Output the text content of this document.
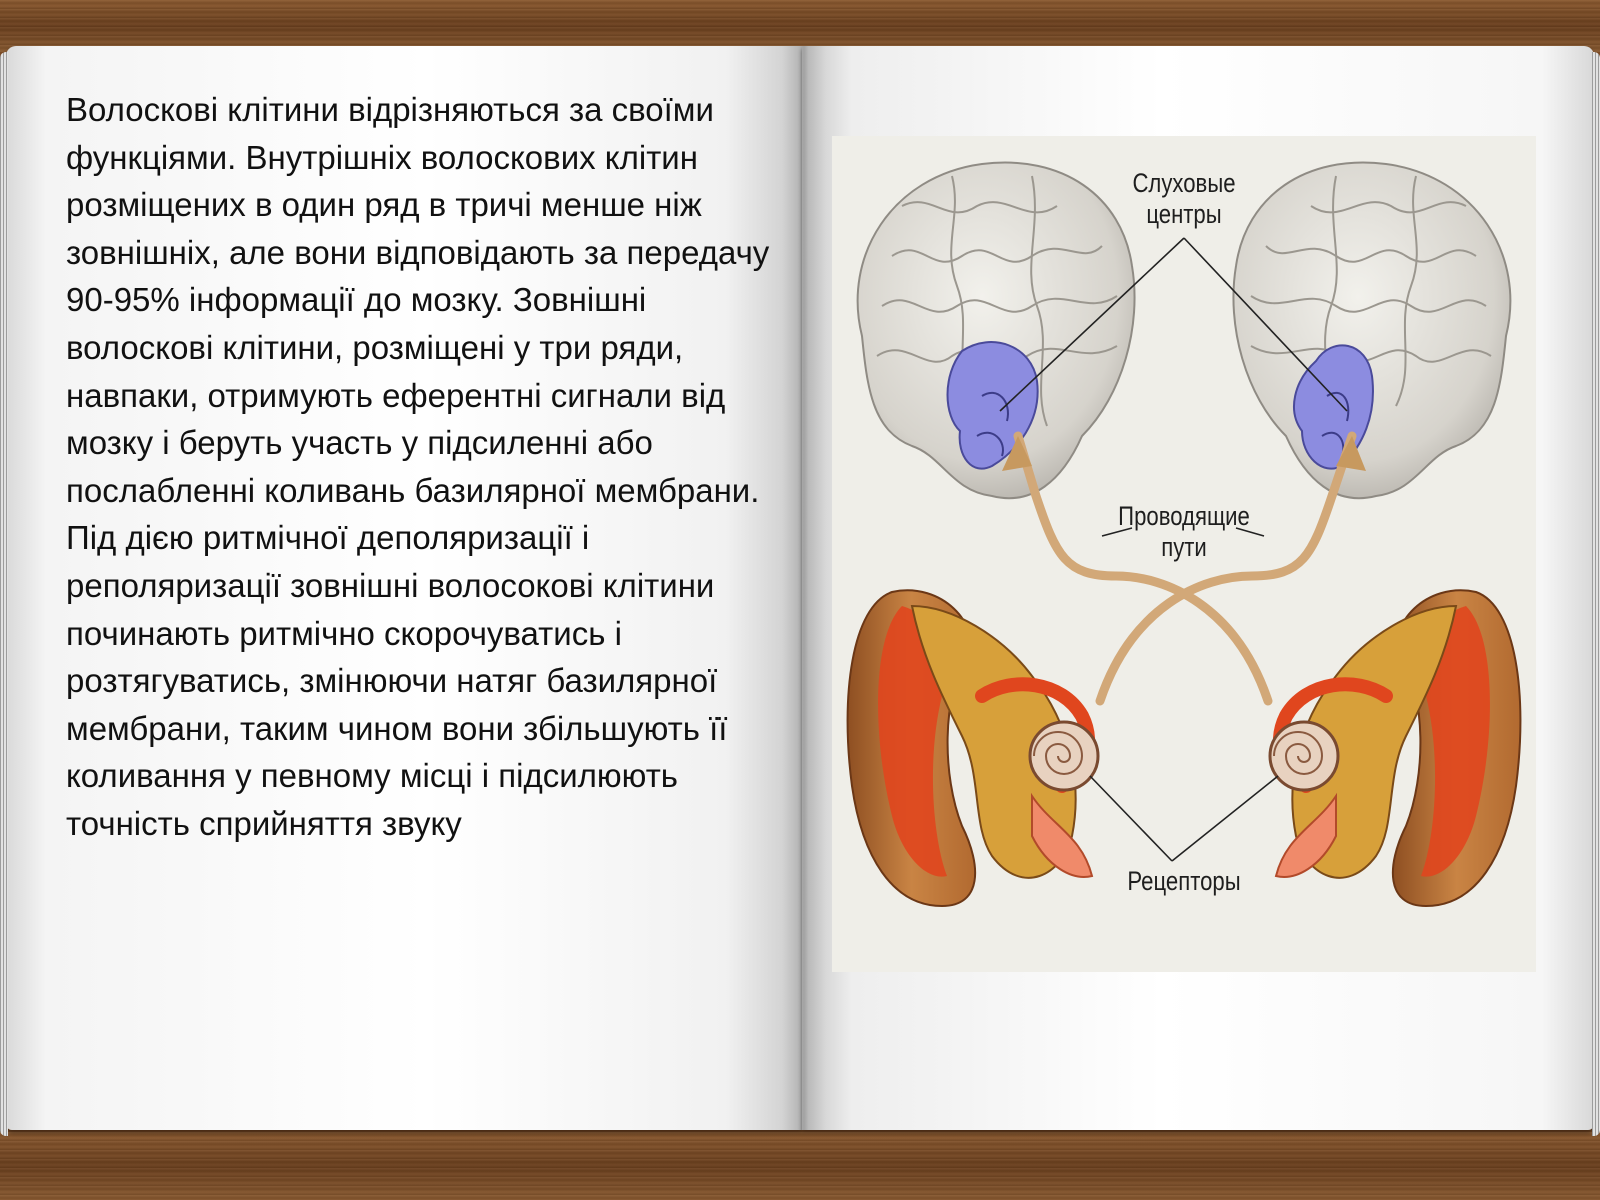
Волоскові клітини відрізняються за своїми функціями. Внутрішніх волоскових клітин розміщених в один ряд в тричі менше ніж зовнішніх, але вони відповідають за передачу 90-95% інформації до мозку. Зовнішні волоскові клітини, розміщені у три ряди, навпаки, отримують еферентні сигнали від мозку і беруть участь у підсиленні або послабленні коливань базилярної мембрани. Під дією ритмічної деполяризації і реполяризації зовнішні волосокові клітини починають ритмічно скорочуватись і розтягуватись, змінюючи натяг базилярної мембрани, таким чином вони збільшують її коливання у певному місці і підсилюють точність сприйняття звуку

Слуховые
центры
Проводящие
пути
Рецепторы
